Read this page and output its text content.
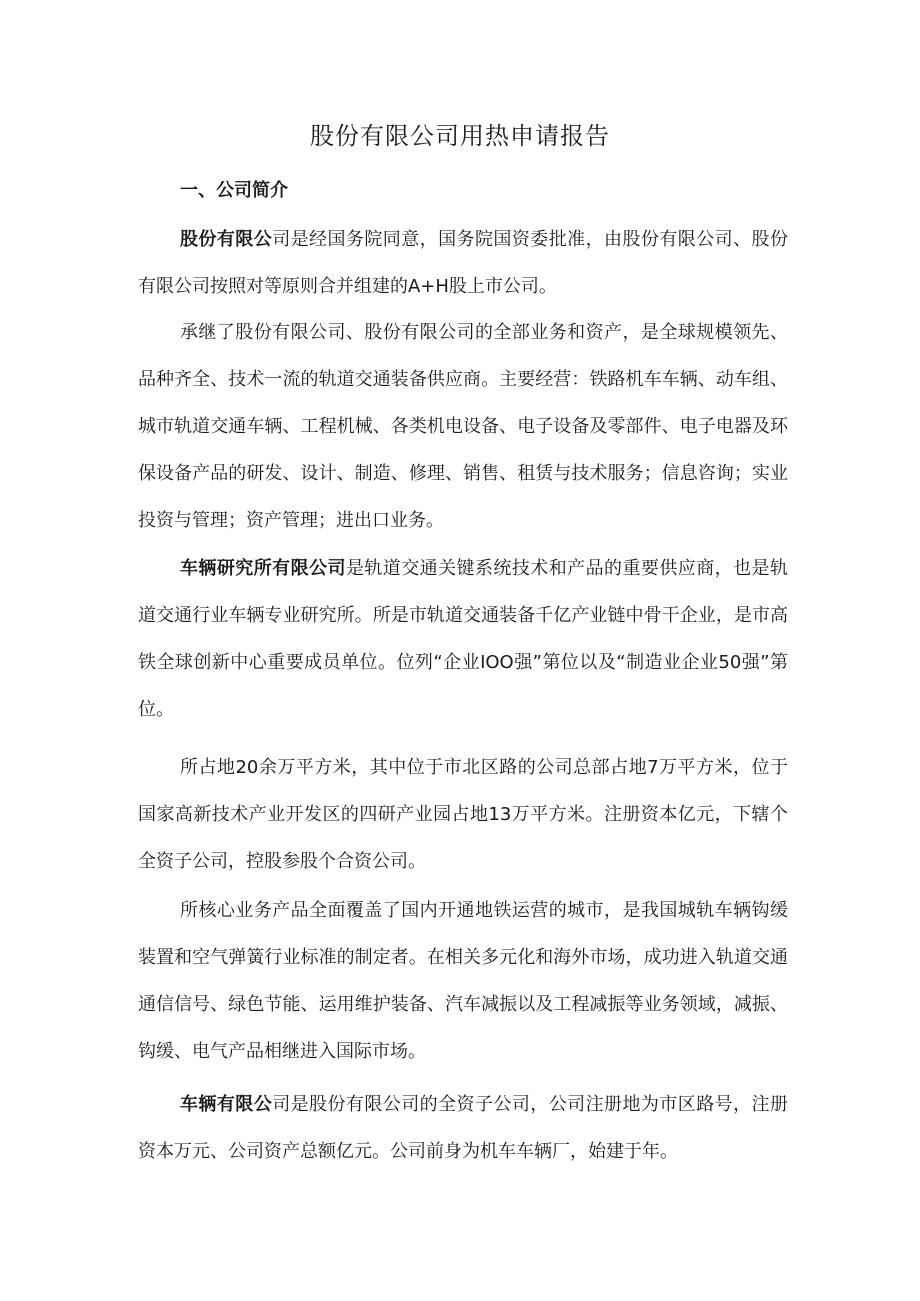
股份有限公司用热申请报告
一、公司简介

股份有限公司是经国务院同意，国务院国资委批准，由股份有限公司、股份有限公司按照对等原则合并组建的A+H股上市公司。

承继了股份有限公司、股份有限公司的全部业务和资产，是全球规模领先、品种齐全、技术一流的轨道交通装备供应商。主要经营：铁路机车车辆、动车组、城市轨道交通车辆、工程机械、各类机电设备、电子设备及零部件、电子电器及环保设备产品的研发、设计、制造、修理、销售、租赁与技术服务；信息咨询；实业投资与管理；资产管理；进出口业务。

车辆研究所有限公司是轨道交通关键系统技术和产品的重要供应商，也是轨道交通行业车辆专业研究所。所是市轨道交通装备千亿产业链中骨干企业，是市高铁全球创新中心重要成员单位。位列“企业IOO强”第位以及“制造业企业50强”第位。

所占地20余万平方米，其中位于市北区路的公司总部占地7万平方米，位于国家高新技术产业开发区的四研产业园占地13万平方米。注册资本亿元，下辖个全资子公司，控股参股个合资公司。

所核心业务产品全面覆盖了国内开通地铁运营的城市，是我国城轨车辆钩缓装置和空气弹簧行业标准的制定者。在相关多元化和海外市场，成功进入轨道交通通信信号、绿色节能、运用维护装备、汽车减振以及工程减振等业务领域，减振、钩缓、电气产品相继进入国际市场。

车辆有限公司是股份有限公司的全资子公司，公司注册地为市区路号，注册资本万元、公司资产总额亿元。公司前身为机车车辆厂，始建于年。
